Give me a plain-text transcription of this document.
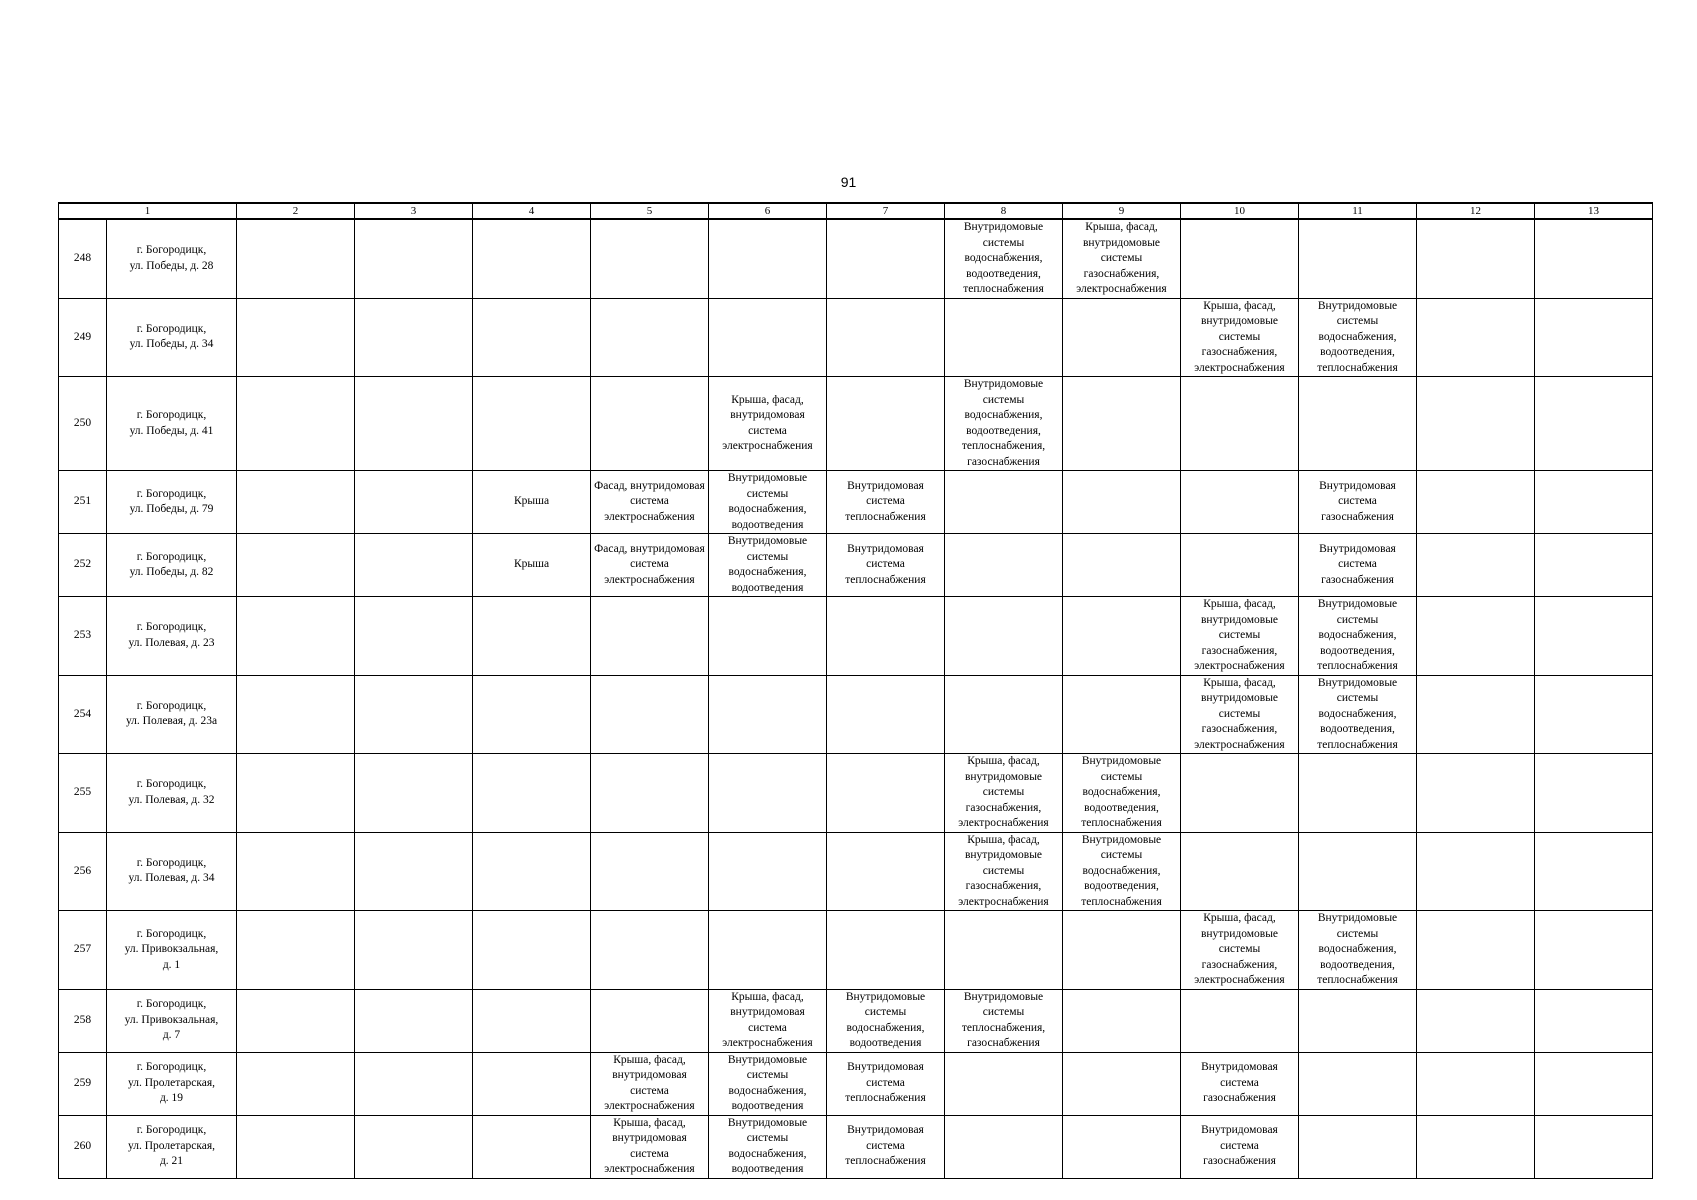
91
1		2	3	4	5	6	7	8	9	10	11	12	13
248	г. Богородицк,
ул. Победы, д. 28							Внутридомовые системы водоснабжения, водоотведения, теплоснабжения	Крыша, фасад, внутридомовые системы газоснабжения, электроснабжения				
249	г. Богородицк,
ул. Победы, д. 34									Крыша, фасад, внутридомовые системы газоснабжения, электроснабжения	Внутридомовые системы водоснабжения, водоотведения, теплоснабжения		
250	г. Богородицк,
ул. Победы, д. 41					Крыша, фасад, внутридомовая система электроснабжения		Внутридомовые системы водоснабжения, водоотведения, теплоснабжения, газоснабжения					
251	г. Богородицк,
ул. Победы, д. 79			Крыша	Фасад, внутридомовая система электроснабжения	Внутридомовые системы водоснабжения, водоотведения	Внутридомовая система теплоснабжения				Внутридомовая система газоснабжения		
252	г. Богородицк,
ул. Победы, д. 82			Крыша	Фасад, внутридомовая система электроснабжения	Внутридомовые системы водоснабжения, водоотведения	Внутридомовая система теплоснабжения				Внутридомовая система газоснабжения		
253	г. Богородицк,
ул. Полевая, д. 23									Крыша, фасад, внутридомовые системы газоснабжения, электроснабжения	Внутридомовые системы водоснабжения, водоотведения, теплоснабжения		
254	г. Богородицк,
ул. Полевая, д. 23а									Крыша, фасад, внутридомовые системы газоснабжения, электроснабжения	Внутридомовые системы водоснабжения, водоотведения, теплоснабжения		
255	г. Богородицк,
ул. Полевая, д. 32							Крыша, фасад, внутридомовые системы газоснабжения, электроснабжения	Внутридомовые системы водоснабжения, водоотведения, теплоснабжения				
256	г. Богородицк,
ул. Полевая, д. 34							Крыша, фасад, внутридомовые системы газоснабжения, электроснабжения	Внутридомовые системы водоснабжения, водоотведения, теплоснабжения				
257	г. Богородицк,
ул. Привокзальная,
д. 1									Крыша, фасад, внутридомовые системы газоснабжения, электроснабжения	Внутридомовые системы водоснабжения, водоотведения, теплоснабжения		
258	г. Богородицк,
ул. Привокзальная,
д. 7					Крыша, фасад, внутридомовая система электроснабжения	Внутридомовые системы водоснабжения, водоотведения	Внутридомовые системы теплоснабжения, газоснабжения					
259	г. Богородицк,
ул. Пролетарская,
д. 19				Крыша, фасад, внутридомовая система электроснабжения	Внутридомовые системы водоснабжения, водоотведения	Внутридомовая система теплоснабжения			Внутридомовая система газоснабжения			
260	г. Богородицк,
ул. Пролетарская,
д. 21				Крыша, фасад, внутридомовая система электроснабжения	Внутридомовые системы водоснабжения, водоотведения	Внутридомовая система теплоснабжения			Внутридомовая система газоснабжения			
